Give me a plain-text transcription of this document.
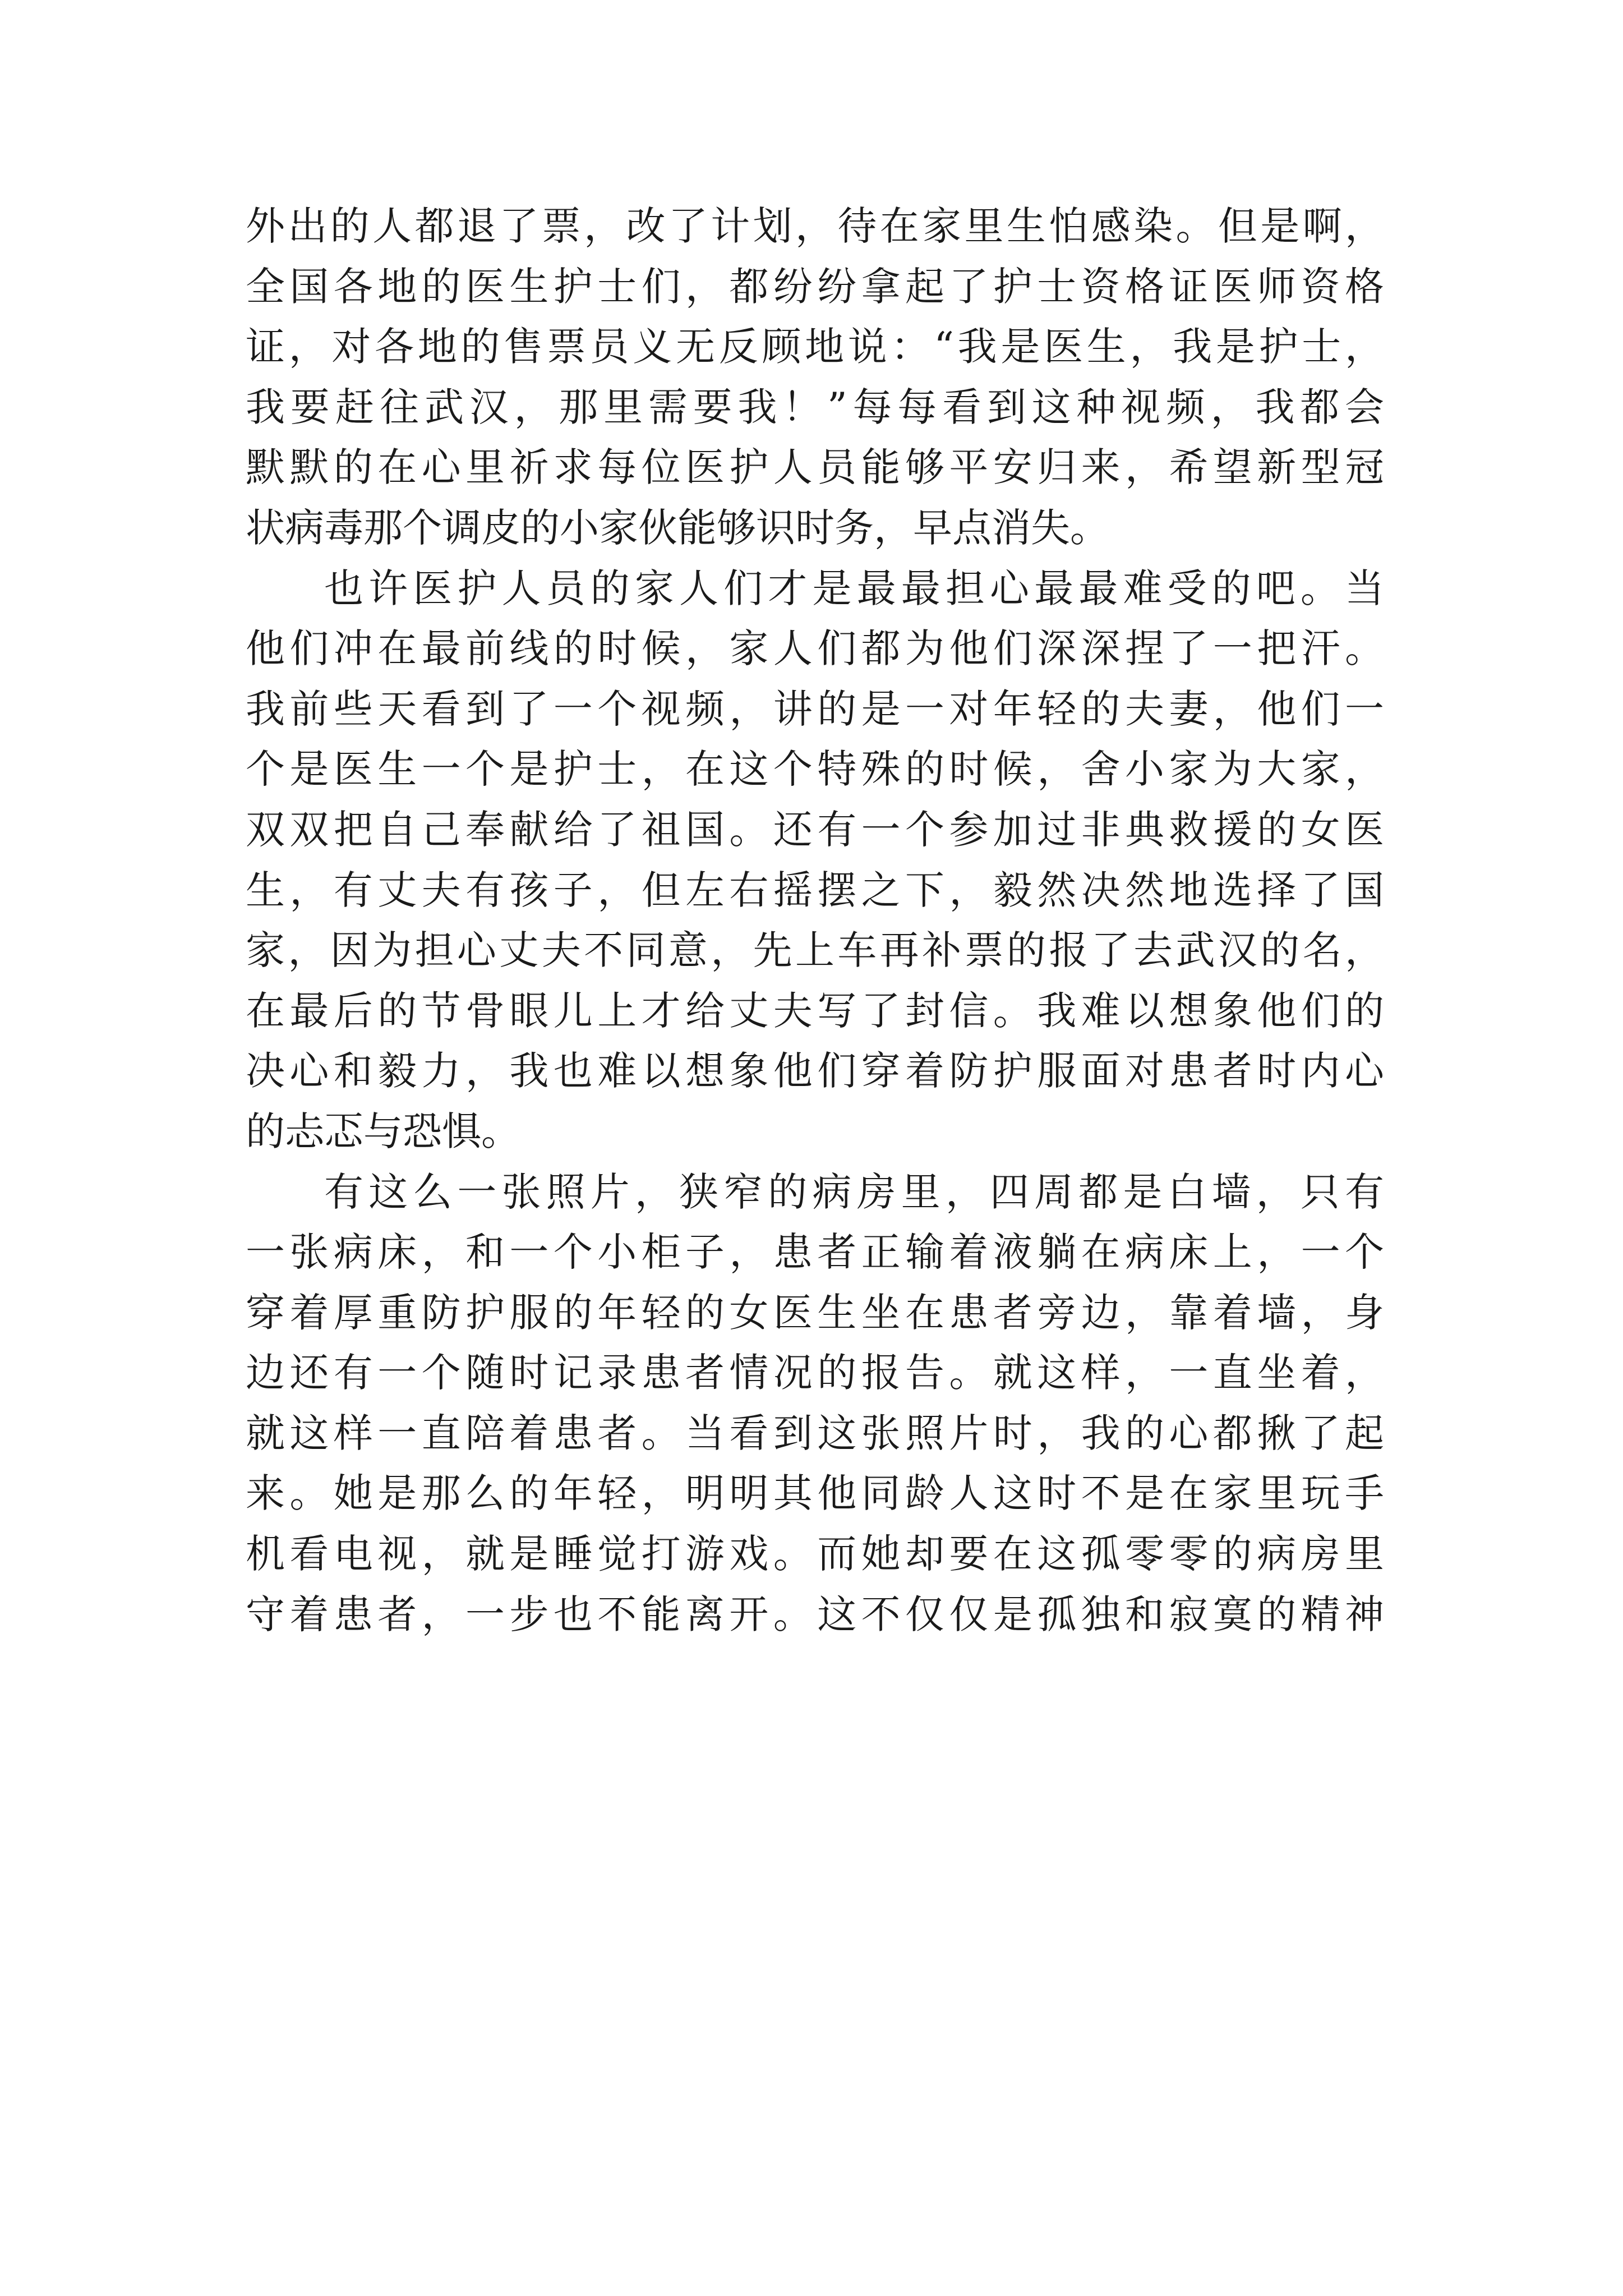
外出的人都退了票，改了计划，待在家里生怕感染。但是啊，
全国各地的医生护士们，都纷纷拿起了护士资格证医师资格
证，对各地的售票员义无反顾地说：“我是医生，我是护士，
我要赶往武汉，那里需要我！”每每看到这种视频，我都会
默默的在心里祈求每位医护人员能够平安归来，希望新型冠
状病毒那个调皮的小家伙能够识时务，早点消失。
也许医护人员的家人们才是最最担心最最难受的吧。当
他们冲在最前线的时候，家人们都为他们深深捏了一把汗。
我前些天看到了一个视频，讲的是一对年轻的夫妻，他们一
个是医生一个是护士，在这个特殊的时候，舍小家为大家，
双双把自己奉献给了祖国。还有一个参加过非典救援的女医
生，有丈夫有孩子，但左右摇摆之下，毅然决然地选择了国
家，因为担心丈夫不同意，先上车再补票的报了去武汉的名，
在最后的节骨眼儿上才给丈夫写了封信。我难以想象他们的
决心和毅力，我也难以想象他们穿着防护服面对患者时内心
的忐忑与恐惧。
有这么一张照片，狭窄的病房里，四周都是白墙，只有
一张病床，和一个小柜子，患者正输着液躺在病床上，一个
穿着厚重防护服的年轻的女医生坐在患者旁边，靠着墙，身
边还有一个随时记录患者情况的报告。就这样，一直坐着，
就这样一直陪着患者。当看到这张照片时，我的心都揪了起
来。她是那么的年轻，明明其他同龄人这时不是在家里玩手
机看电视，就是睡觉打游戏。而她却要在这孤零零的病房里
守着患者，一步也不能离开。这不仅仅是孤独和寂寞的精神
